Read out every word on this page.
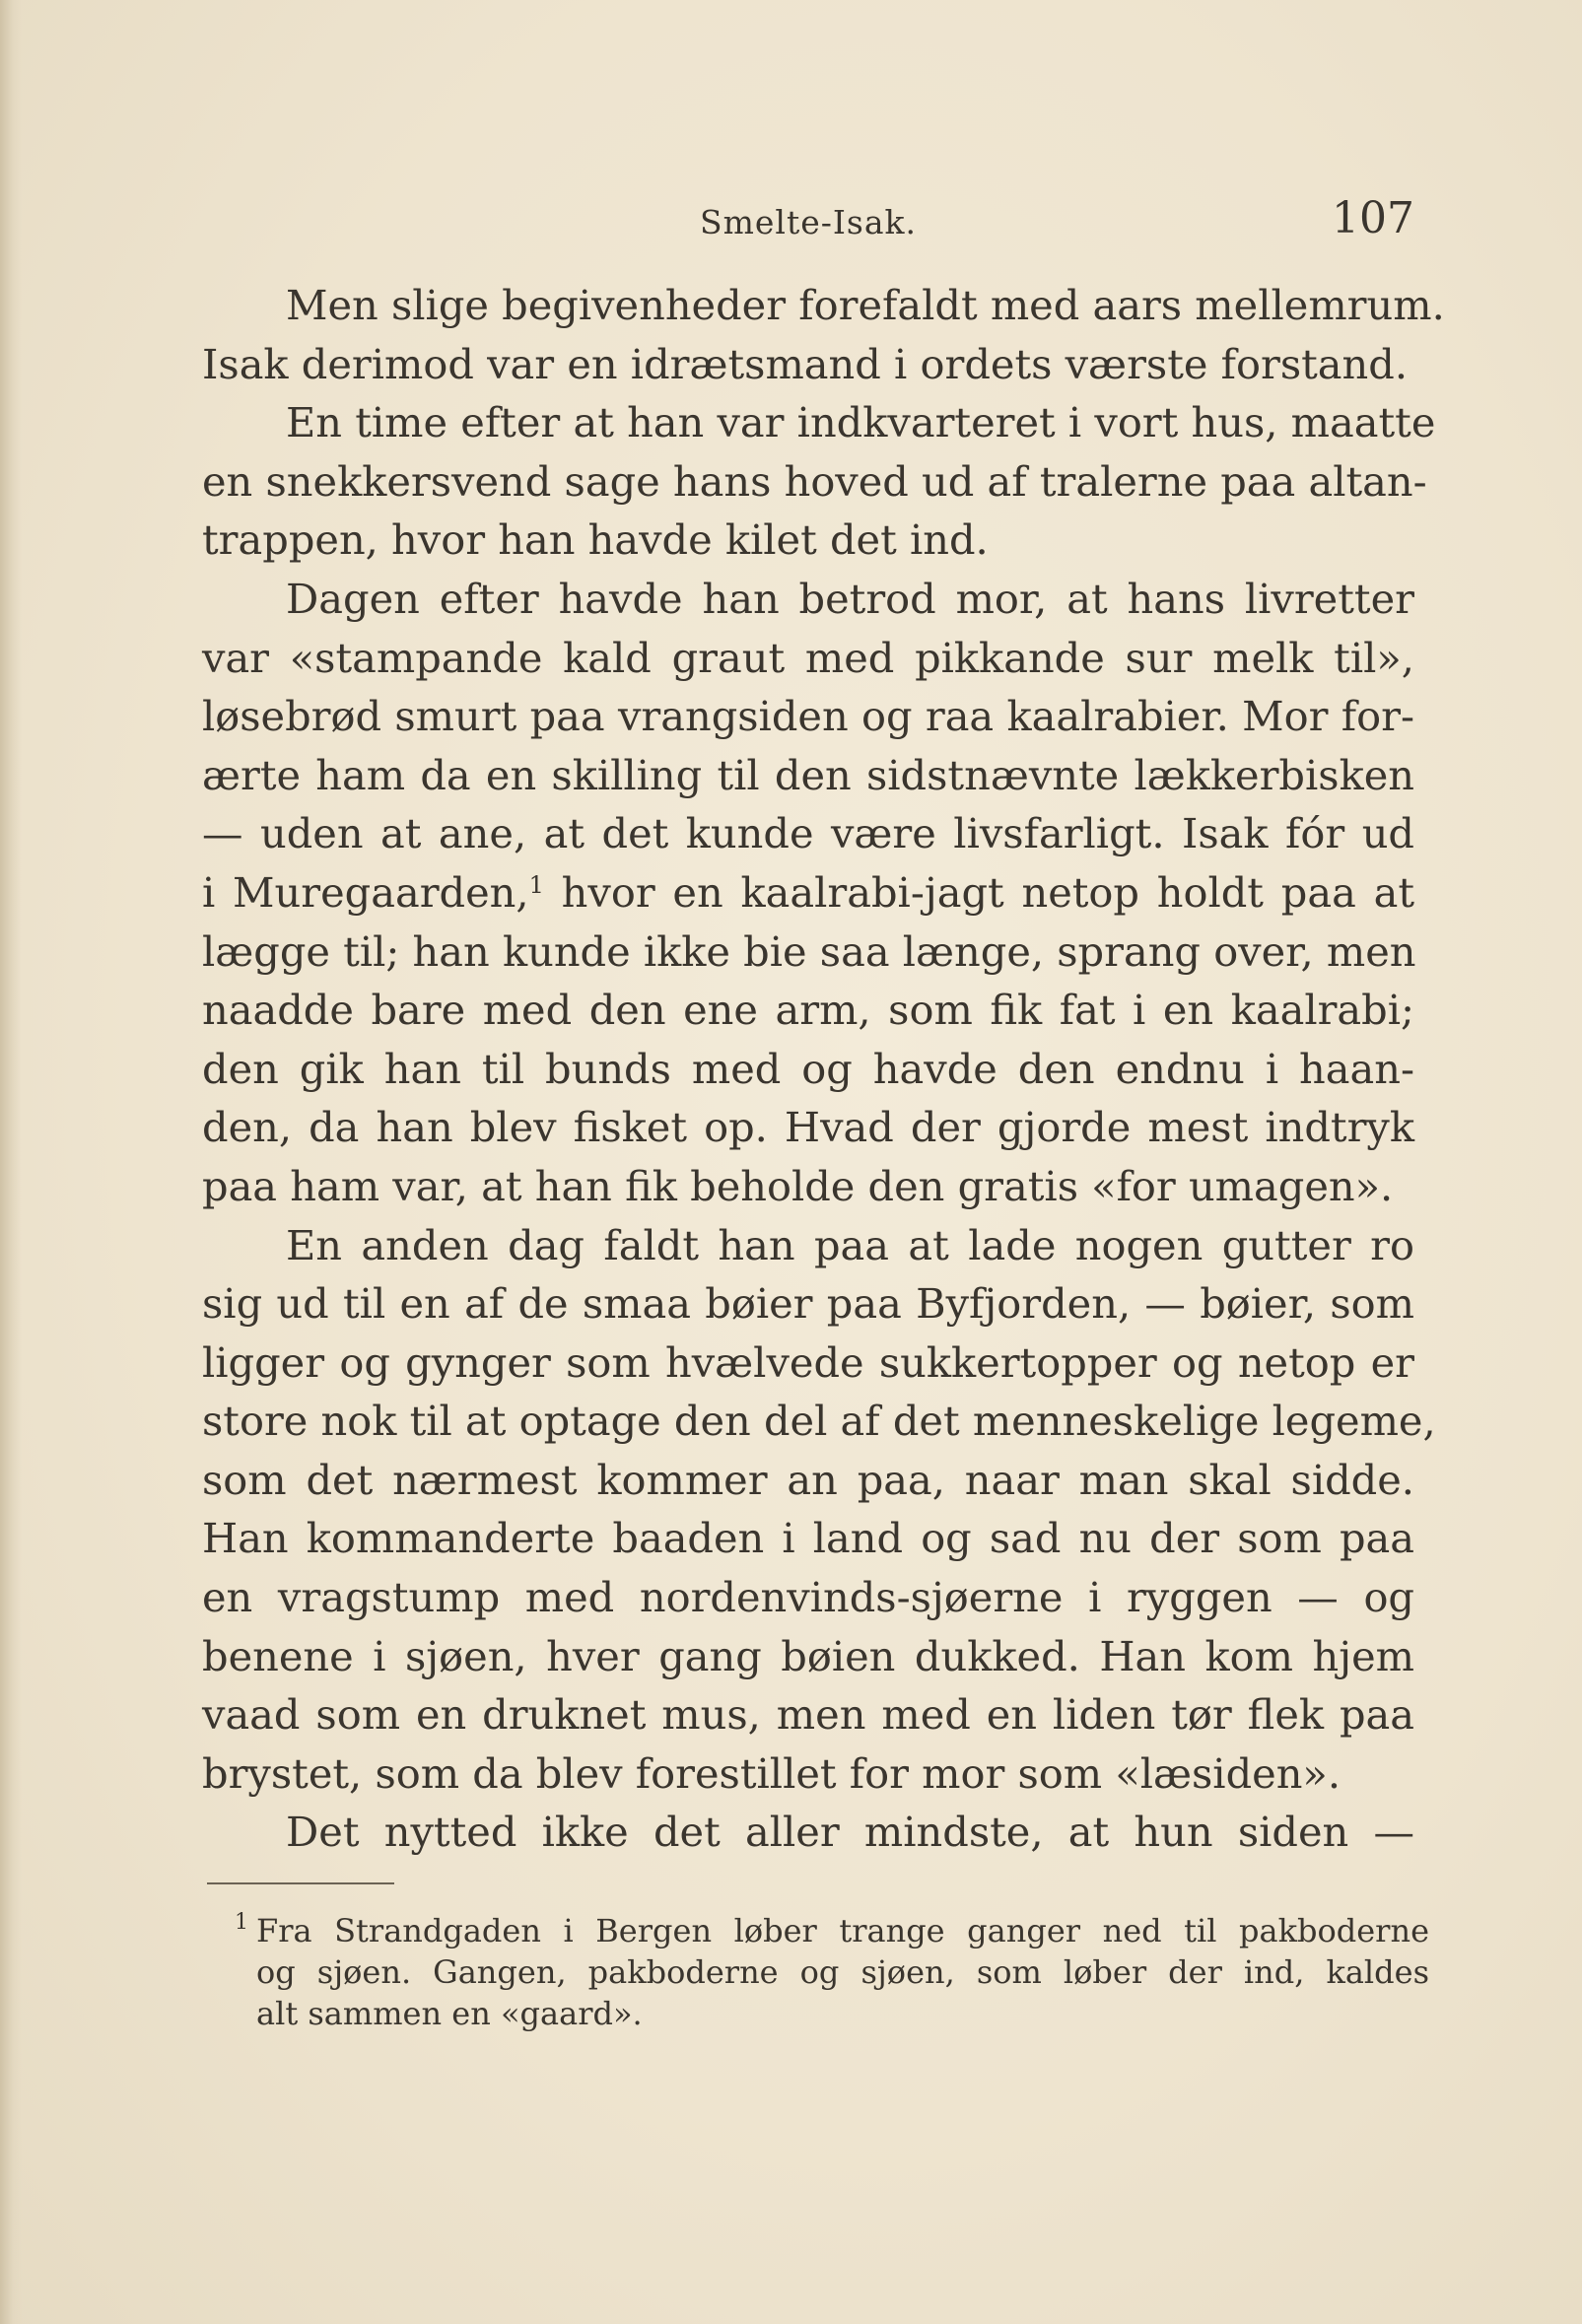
Smelte-Isak.	107
Men slige begivenheder forefaldt med aars mellemrum.
Isak derimod var en idrætsmand i ordets værste forstand.
En time efter at han var indkvarteret i vort hus, maatte
en snekkersvend sage hans hoved ud af tralerne paa altan-
trappen, hvor han havde kilet det ind.
Dagen efter havde han betrod mor, at hans livretter
var «stampande kald graut med pikkande sur melk til»,
løsebrød smurt paa vrangsiden og raa kaalrabier. Mor for-
ærte ham da en skilling til den sidstnævnte lækkerbisken
— uden at ane, at det kunde være livsfarligt. Isak fór ud
i Muregaarden,$^1$ hvor en kaalrabi-jagt netop holdt paa at
lægge til; han kunde ikke bie saa længe, sprang over, men
naadde bare med den ene arm, som fik fat i en kaalrabi;
den gik han til bunds med og havde den endnu i haan-
den, da han blev fisket op. Hvad der gjorde mest indtryk
paa ham var, at han fik beholde den gratis «for umagen».
En anden dag faldt han paa at lade nogen gutter ro
sig ud til en af de smaa bøier paa Byfjorden, — bøier, som
ligger og gynger som hvælvede sukkertopper og netop er
store nok til at optage den del af det menneskelige legeme,
som det nærmest kommer an paa, naar man skal sidde.
Han kommanderte baaden i land og sad nu der som paa
en vragstump med nordenvinds-sjøerne i ryggen — og
benene i sjøen, hver gang bøien dukked. Han kom hjem
vaad som en druknet mus, men med en liden tør flek paa
brystet, som da blev forestillet for mor som «læsiden».
Det nytted ikke det aller mindste, at hun siden —
1 Fra Strandgaden i Bergen løber trange ganger ned til pakboderne
og sjøen. Gangen, pakboderne og sjøen, som løber der ind, kaldes
alt sammen en «gaard».
